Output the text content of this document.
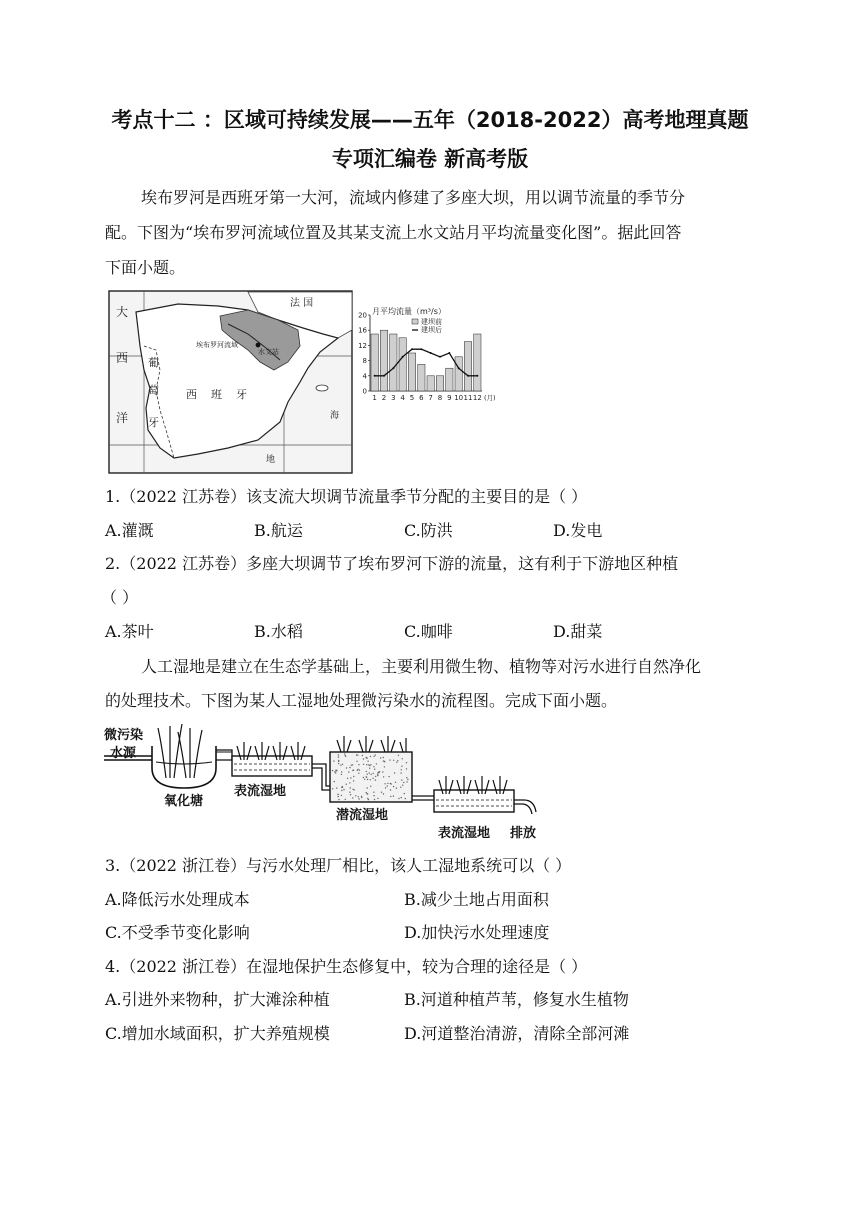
考点十二 ：区域可持续发展——五年（2018-2022）高考地理真题
专项汇编卷 新高考版
埃布罗河是西班牙第一大河，流域内修建了多座大坝，用以调节流量的季节分
配。下图为“埃布罗河流域位置及其某支流上水文站月平均流量变化图”。据此回答
下面小题。
大
西
洋
葡
萄
牙
西    班    牙
法 国
埃布罗河流域
水文站
海
地
月平均流量（m³/s）
建坝前
建坝后
0
4
8
12
16
20
1 2 3 4 5 6 7 8 9 10 11 12 (月)
1.（2022 江苏卷）该支流大坝调节流量季节分配的主要目的是（ ）
A.灌溉	B.航运	C.防洪	D.发电
2.（2022 江苏卷）多座大坝调节了埃布罗河下游的流量，这有利于下游地区种植
（ ）
A.茶叶	B.水稻	C.咖啡	D.甜菜
人工湿地是建立在生态学基础上，主要利用微生物、植物等对污水进行自然净化
的处理技术。下图为某人工湿地处理微污染水的流程图。完成下面小题。
微污染
水源
氧化塘
表流湿地
潜流湿地
表流湿地 排放
3.（2022 浙江卷）与污水处理厂相比，该人工湿地系统可以（ ）
A.降低污水处理成本	B.减少土地占用面积
C.不受季节变化影响	D.加快污水处理速度
4.（2022 浙江卷）在湿地保护生态修复中，较为合理的途径是（ ）
A.引进外来物种，扩大滩涂种植	B.河道种植芦苇，修复水生植物
C.增加水域面积，扩大养殖规模	D.河道整治清游，清除全部河滩
